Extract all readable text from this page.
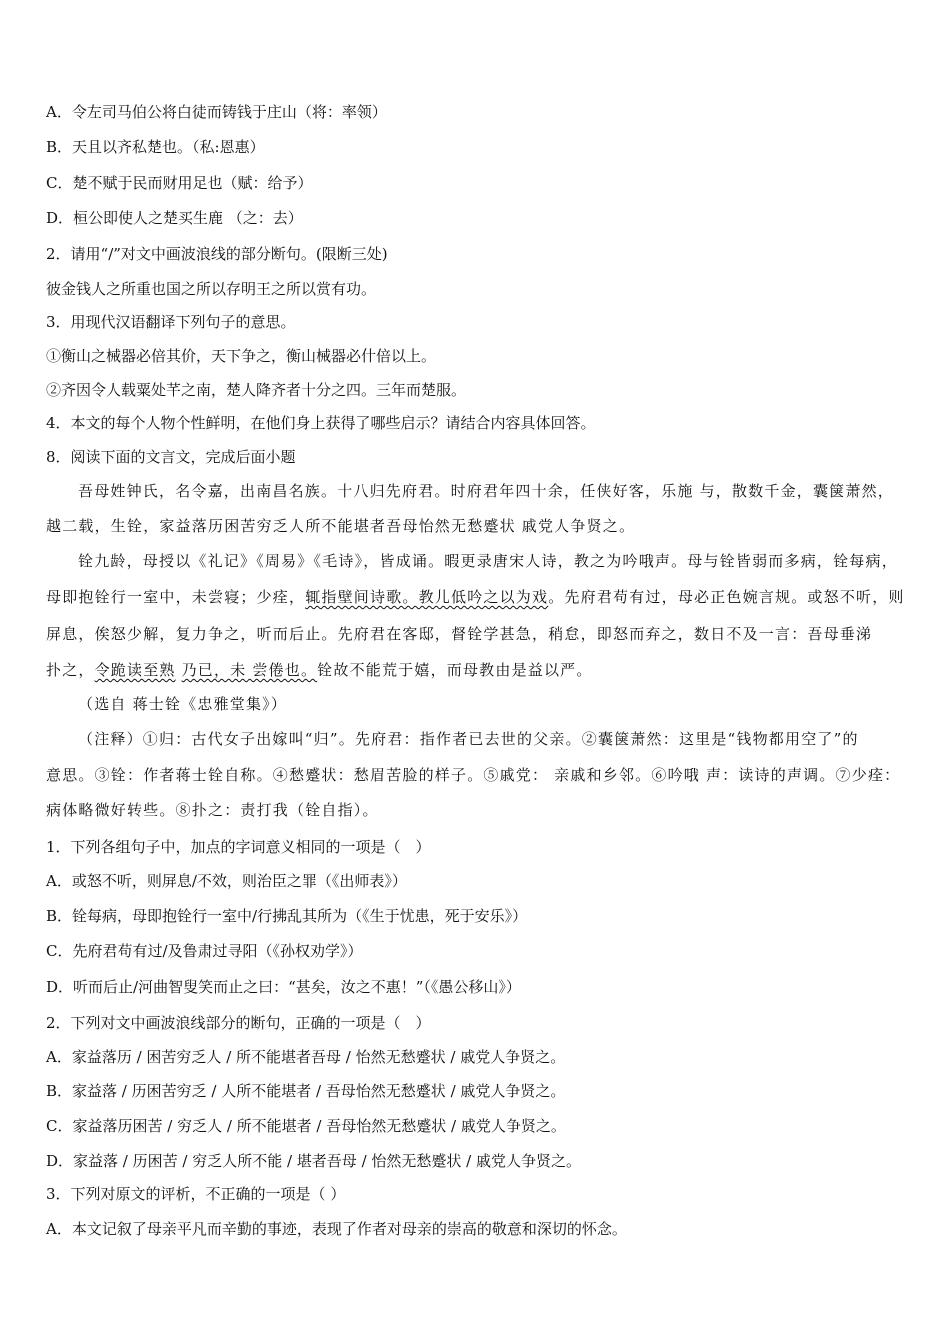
A．令左司马伯公将白徒而铸钱于庄山（将：率领）
B．天且以齐私楚也。（私:恩惠）
C．楚不赋于民而财用足也（赋：给予）
D．桓公即使人之楚买生鹿 （之：去）
2．请用“/”对文中画波浪线的部分断句。(限断三处)
彼金钱人之所重也国之所以存明王之所以赏有功。
3．用现代汉语翻译下列句子的意思。
①衡山之械器必倍其价，天下争之，衡山械器必什倍以上。
②齐因令人载粟处芊之南，楚人降齐者十分之四。三年而楚服。
4．本文的每个人物个性鲜明，在他们身上获得了哪些启示？请结合内容具体回答。
8．阅读下面的文言文，完成后面小题
吾母姓钟氏，名令嘉，出南昌名族。十八归先府君。时府君年四十余，任侠好客，乐施 与，散数千金，囊箧萧然，
越二载，生铨，家益落历困苦穷乏人所不能堪者吾母怡然无愁蹙状 戚党人争贤之。
铨九龄，母授以《礼记》《周易》《毛诗》，皆成诵。暇更录唐宋人诗，教之为吟哦声。母与铨皆弱而多病，铨每病，
母即抱铨行一室中，未尝寝；少痊，辄指壁间诗歌。教儿低吟之以为戏。先府君苟有过，母必正色婉言规。或怒不听，则
屏息，俟怒少解，复力争之，听而后止。先府君在客邸，督铨学甚急，稍怠，即怒而弃之，数日不及一言：吾母垂涕
扑之，令跪读至熟 乃已，未 尝倦也。铨故不能荒于嬉，而母教由是益以严。
（选自 蒋士铨《忠雅堂集》）
（注释）①归：古代女子出嫁叫“归”。先府君：指作者已去世的父亲。②囊箧萧然：这里是“钱物都用空了”的
意思。③铨：作者蒋士铨自称。④愁蹙状：愁眉苦脸的样子。⑤戚党： 亲戚和乡邻。⑥吟哦 声：读诗的声调。⑦少痊：
病体略微好转些。⑧扑之：责打我（铨自指）。
1．下列各组句子中，加点的字词意义相同的一项是（　）
A．或怒不听，则屏息/不效，则治臣之罪（《出师表》）
B．铨每病，母即抱铨行一室中/行拂乱其所为（《生于忧患，死于安乐》）
C．先府君苟有过/及鲁肃过寻阳（《孙权劝学》）
D．听而后止/河曲智叟笑而止之曰：“甚矣，汝之不惠！”（《愚公移山》）
2．下列对文中画波浪线部分的断句，正确的一项是（　）
A．家益落历 / 困苦穷乏人 / 所不能堪者吾母 / 怡然无愁蹙状 / 戚党人争贤之。
B．家益落 / 历困苦穷乏 / 人所不能堪者 / 吾母怡然无愁蹙状 / 戚党人争贤之。
C．家益落历困苦 / 穷乏人 / 所不能堪者 / 吾母怡然无愁蹙状 / 戚党人争贤之。
D．家益落 / 历困苦 / 穷乏人所不能 / 堪者吾母 / 怡然无愁蹙状 / 戚党人争贤之。
3．下列对原文的评析，不正确的一项是（ ）
A．本文记叙了母亲平凡而辛勤的事迹，表现了作者对母亲的崇高的敬意和深切的怀念。
